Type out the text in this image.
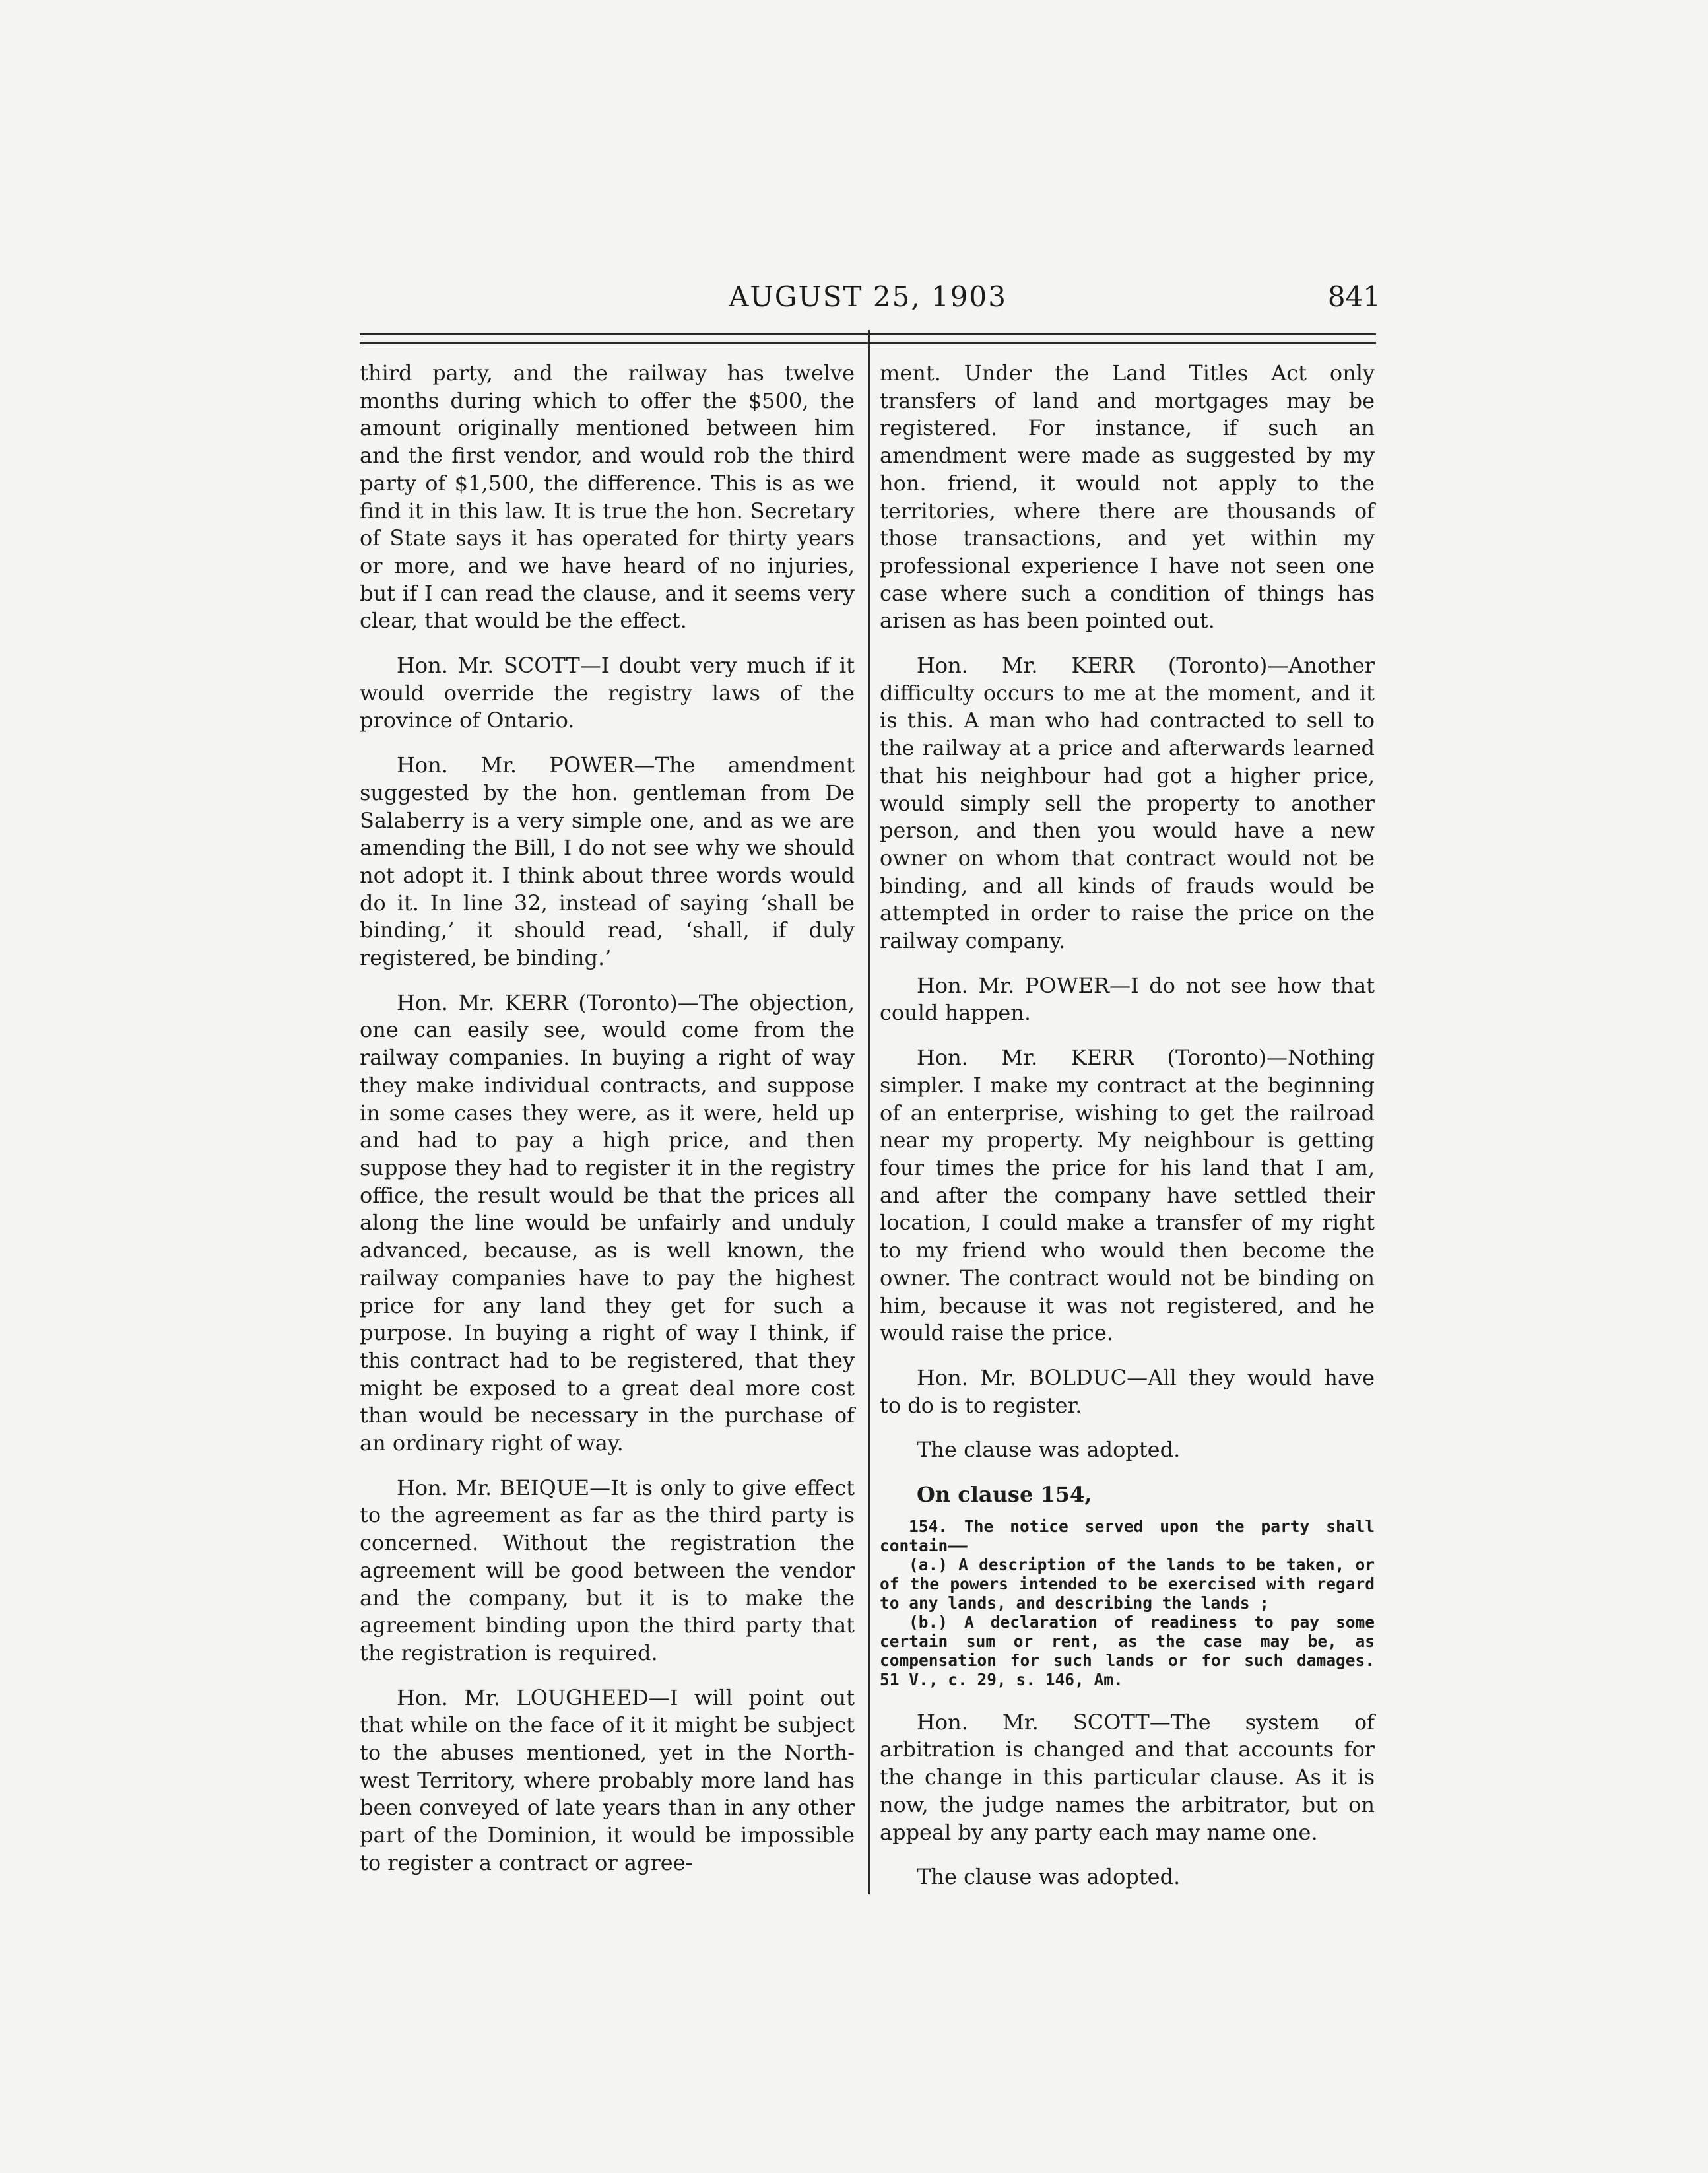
AUGUST 25, 1903	841

third party, and the railway has twelve months during which to offer the $500, the amount originally mentioned between him and the first vendor, and would rob the third party of $1,500, the difference. This is as we find it in this law. It is true the hon. Secretary of State says it has operated for thirty years or more, and we have heard of no injuries, but if I can read the clause, and it seems very clear, that would be the effect.

Hon. Mr. SCOTT—I doubt very much if it would override the registry laws of the province of Ontario.

Hon. Mr. POWER—The amendment suggested by the hon. gentleman from De Salaberry is a very simple one, and as we are amending the Bill, I do not see why we should not adopt it. I think about three words would do it. In line 32, instead of saying ‘shall be binding,’ it should read, ‘shall, if duly registered, be binding.’

Hon. Mr. KERR (Toronto)—The objection, one can easily see, would come from the railway companies. In buying a right of way they make individual contracts, and suppose in some cases they were, as it were, held up and had to pay a high price, and then suppose they had to register it in the registry office, the result would be that the prices all along the line would be unfairly and unduly advanced, because, as is well known, the railway companies have to pay the highest price for any land they get for such a purpose. In buying a right of way I think, if this contract had to be registered, that they might be exposed to a great deal more cost than would be necessary in the purchase of an ordinary right of way.

Hon. Mr. BEIQUE—It is only to give effect to the agreement as far as the third party is concerned. Without the registration the agreement will be good between the vendor and the company, but it is to make the agreement binding upon the third party that the registration is required.

Hon. Mr. LOUGHEED—I will point out that while on the face of it it might be subject to the abuses mentioned, yet in the North-west Territory, where probably more land has been conveyed of late years than in any other part of the Dominion, it would be impossible to register a contract or agree-

ment. Under the Land Titles Act only transfers of land and mortgages may be registered. For instance, if such an amendment were made as suggested by my hon. friend, it would not apply to the territories, where there are thousands of those transactions, and yet within my professional experience I have not seen one case where such a condition of things has arisen as has been pointed out.

Hon. Mr. KERR (Toronto)—Another difficulty occurs to me at the moment, and it is this. A man who had contracted to sell to the railway at a price and afterwards learned that his neighbour had got a higher price, would simply sell the property to another person, and then you would have a new owner on whom that contract would not be binding, and all kinds of frauds would be attempted in order to raise the price on the railway company.

Hon. Mr. POWER—I do not see how that could happen.

Hon. Mr. KERR (Toronto)—Nothing simpler. I make my contract at the beginning of an enterprise, wishing to get the railroad near my property. My neighbour is getting four times the price for his land that I am, and after the company have settled their location, I could make a transfer of my right to my friend who would then become the owner. The contract would not be binding on him, because it was not registered, and he would raise the price.

Hon. Mr. BOLDUC—All they would have to do is to register.

The clause was adopted.

On clause 154,

154. The notice served upon the party shall contain——

(a.) A description of the lands to be taken, or of the powers intended to be exercised with regard to any lands, and describing the lands ;

(b.) A declaration of readiness to pay some certain sum or rent, as the case may be, as compensation for such lands or for such damages. 51 V., c. 29, s. 146, Am.

Hon. Mr. SCOTT—The system of arbitration is changed and that accounts for the change in this particular clause. As it is now, the judge names the arbitrator, but on appeal by any party each may name one.

The clause was adopted.
